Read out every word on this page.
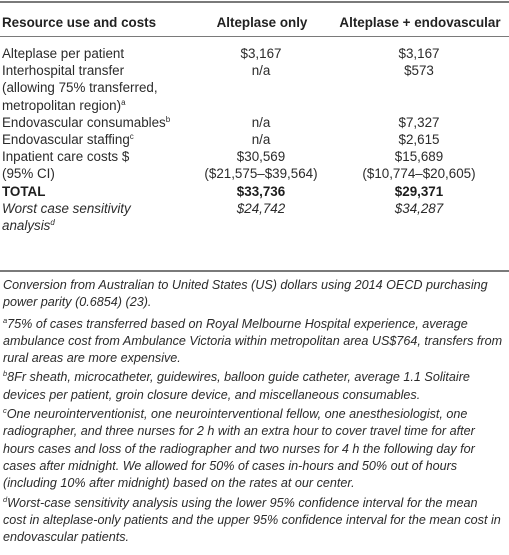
Resource use and costs	Alteplase only	Alteplase + endovascular

Alteplase per patient	$3,167	$3,167
Interhospital transfer
(allowing 75% transferred,
metropolitan region)$^a$	n/a	$573
Endovascular consumables$^b$	n/a	$7,327
Endovascular staffing$^c$	n/a	$2,615
Inpatient care costs $	$30,569	$15,689
(95% CI)	($21,575–$39,564)	($10,774–$20,605)
TOTAL	$33,736	$29,371
Worst case sensitivity
analysis$^d$	$24,742	$34,287

Conversion from Australian to United States (US) dollars using 2014 OECD purchasing power parity (0.6854) (23).

$^a$75% of cases transferred based on Royal Melbourne Hospital experience, average ambulance cost from Ambulance Victoria within metropolitan area US$764, transfers from rural areas are more expensive.

$^b$8Fr sheath, microcatheter, guidewires, balloon guide catheter, average 1.1 Solitaire devices per patient, groin closure device, and miscellaneous consumables.

$^c$One neurointerventionist, one neurointerventional fellow, one anesthesiologist, one radiographer, and three nurses for 2 h with an extra hour to cover travel time for after hours cases and loss of the radiographer and two nurses for 4 h the following day for cases after midnight. We allowed for 50% of cases in-hours and 50% out of hours (including 10% after midnight) based on the rates at our center.

$^d$Worst-case sensitivity analysis using the lower 95% confidence interval for the mean cost in alteplase-only patients and the upper 95% confidence interval for the mean cost in endovascular patients.
